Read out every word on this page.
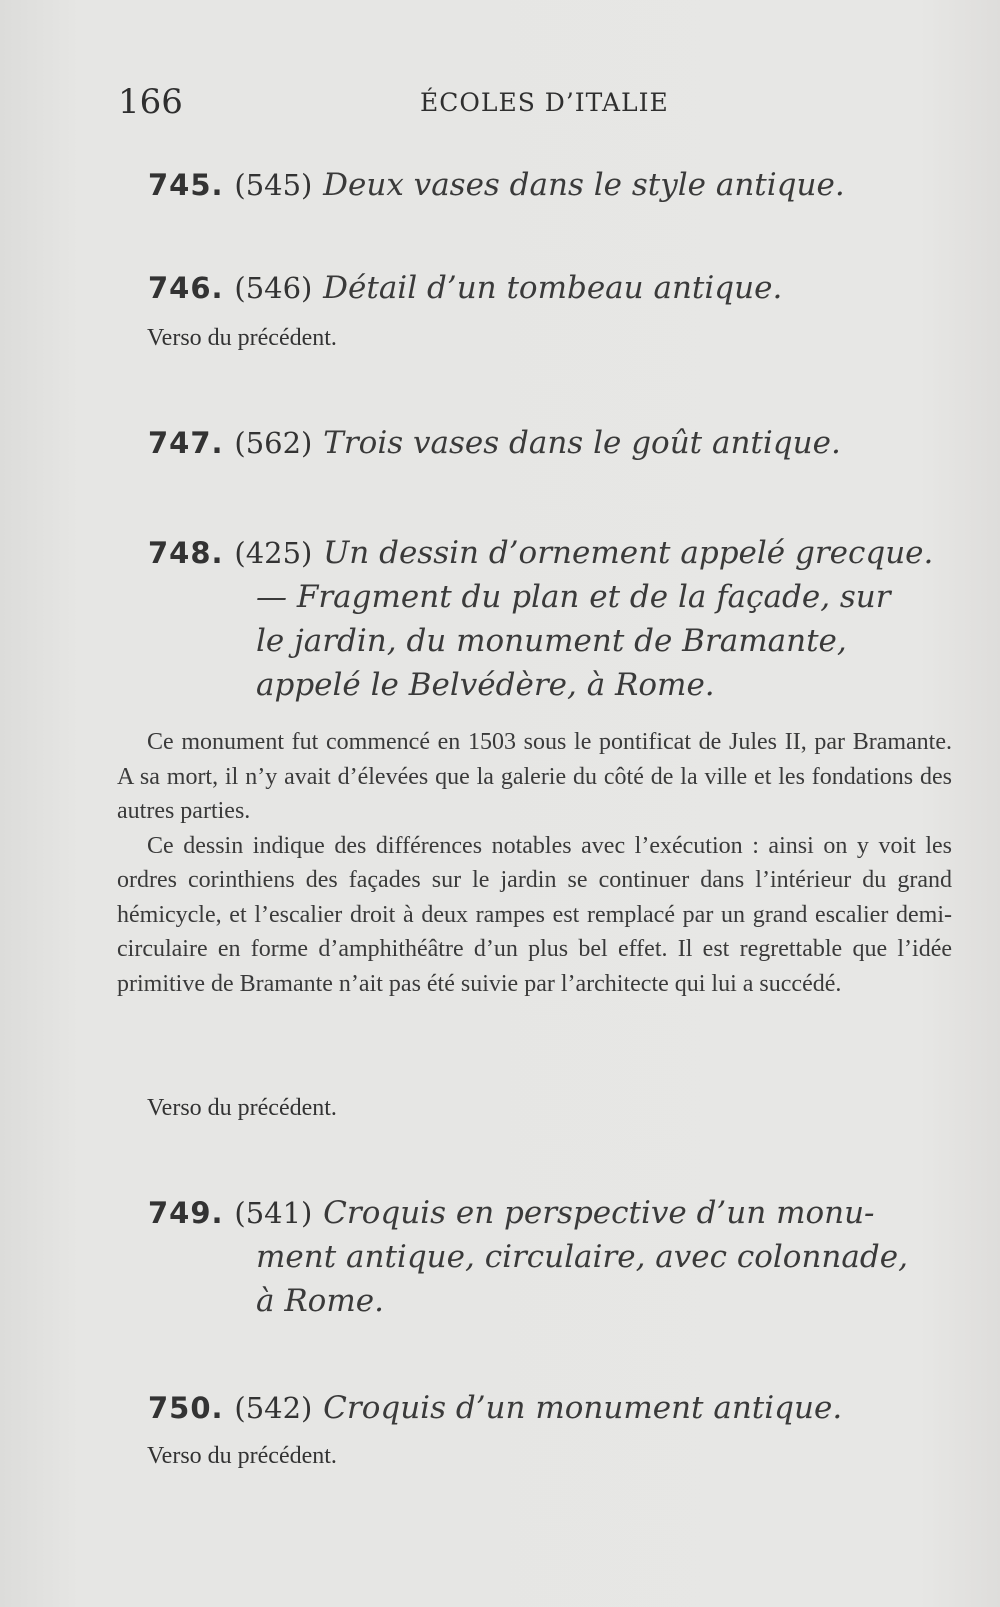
166	ÉCOLES D’ITALIE
745. (545) Deux vases dans le style antique.
746. (546) Détail d’un tombeau antique.
Verso du précédent.
747. (562) Trois vases dans le goût antique.
748. (425) Un dessin d’ornement appelé grecque.
— Fragment du plan et de la façade, sur
le jardin, du monument de Bramante,
appelé le Belvédère, à Rome.

Ce monument fut commencé en 1503 sous le pontificat de Jules II, par Bramante. A sa mort, il n’y avait d’élevées que la galerie du côté de la ville et les fondations des autres parties.

Ce dessin indique des différences notables avec l’exécution : ainsi on y voit les ordres corinthiens des façades sur le jardin se continuer dans l’intérieur du grand hémicycle, et l’escalier droit à deux rampes est remplacé par un grand escalier demi-circulaire en forme d’amphithéâtre d’un plus bel effet. Il est regrettable que l’idée primitive de Bramante n’ait pas été suivie par l’architecte qui lui a succédé.

Verso du précédent.
749. (541) Croquis en perspective d’un monu-
ment antique, circulaire, avec colonnade,
à Rome.
750. (542) Croquis d’un monument antique.
Verso du précédent.
